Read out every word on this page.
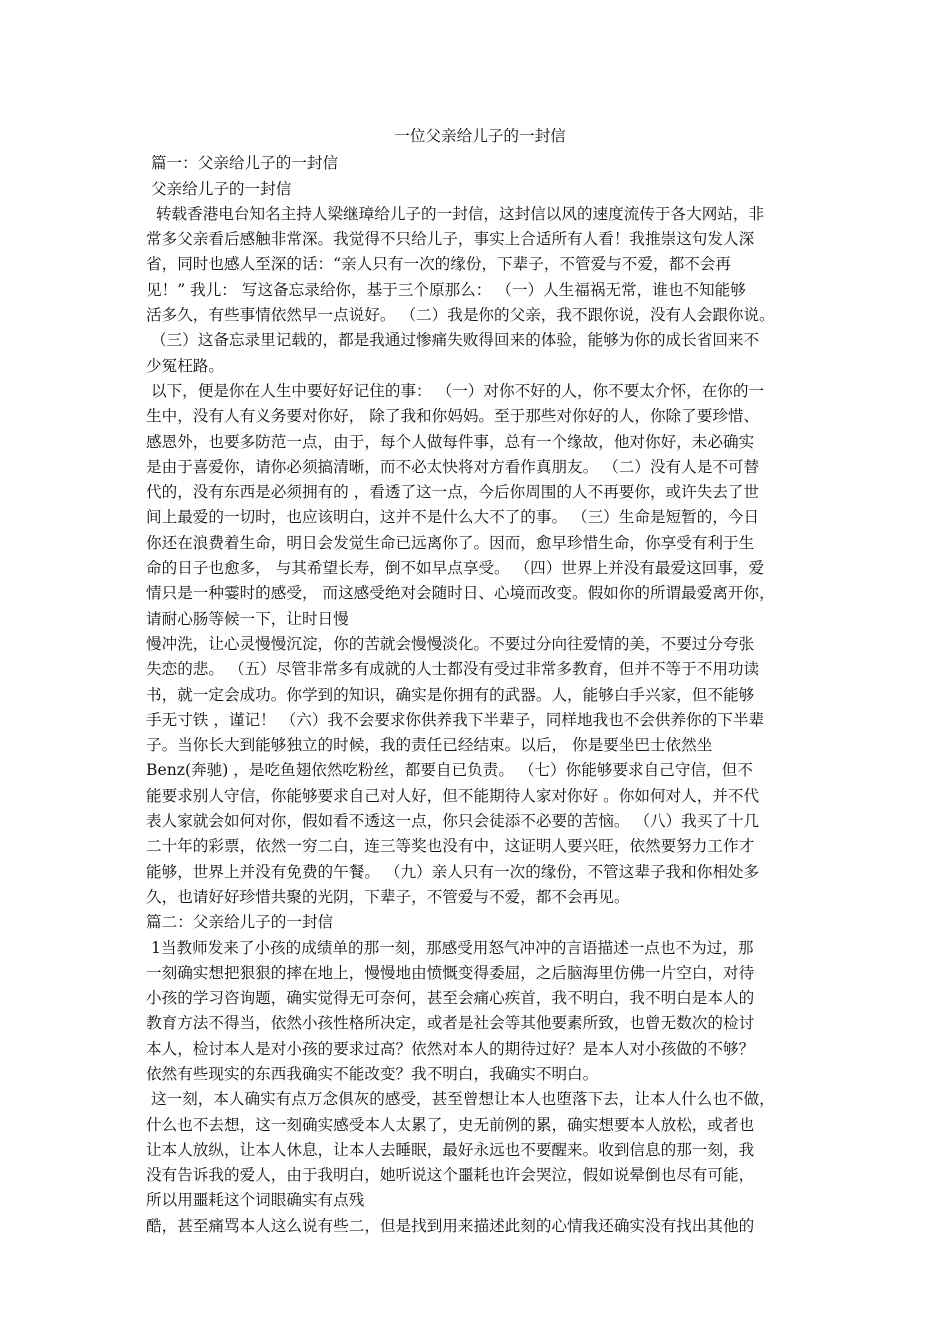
一位父亲给儿子的一封信
篇一：父亲给儿子的一封信
父亲给儿子的一封信
转载香港电台知名主持人梁继璋给儿子的一封信，这封信以风的速度流传于各大网站，非
常多父亲看后感触非常深。我觉得不只给儿子，事实上合适所有人看！我推崇这句发人深
省，同时也感人至深的话：“亲人只有一次的缘份，下辈子，不管爱与不爱，都不会再
见！” 我儿： 写这备忘录给你，基于三个原那么： （一）人生福祸无常，谁也不知能够
活多久，有些事情依然早一点说好。 （二）我是你的父亲，我不跟你说，没有人会跟你说。
（三）这备忘录里记载的，都是我通过惨痛失败得回来的体验，能够为你的成长省回来不
少冤枉路。
以下，便是你在人生中要好好记住的事： （一）对你不好的人，你不要太介怀，在你的一
生中，没有人有义务要对你好， 除了我和你妈妈。至于那些对你好的人，你除了要珍惜、
感恩外，也要多防范一点，由于，每个人做每件事，总有一个缘故，他对你好，未必确实
是由于喜爱你，请你必须搞清晰，而不必太快将对方看作真朋友。 （二）没有人是不可替
代的，没有东西是必须拥有的 ，看透了这一点，今后你周围的人不再要你，或许失去了世
间上最爱的一切时，也应该明白，这并不是什么大不了的事。 （三）生命是短暂的，今日
你还在浪费着生命，明日会发觉生命已远离你了。因而，愈早珍惜生命，你享受有利于生
命的日子也愈多， 与其希望长寿，倒不如早点享受。 （四）世界上并没有最爱这回事，爱
情只是一种霎时的感受， 而这感受绝对会随时日、心境而改变。假如你的所谓最爱离开你，
请耐心肠等候一下，让时日慢
慢冲洗，让心灵慢慢沉淀，你的苦就会慢慢淡化。不要过分向往爱情的美，不要过分夸张
失恋的悲。 （五）尽管非常多有成就的人士都没有受过非常多教育，但并不等于不用功读
书，就一定会成功。你学到的知识，确实是你拥有的武器。人，能够白手兴家，但不能够
手无寸铁 ，谨记！ （六）我不会要求你供养我下半辈子，同样地我也不会供养你的下半辈
子。当你长大到能够独立的时候，我的责任已经结束。以后， 你是要坐巴士依然坐
Benz(奔驰) ，是吃鱼翅依然吃粉丝，都要自已负责。 （七）你能够要求自己守信，但不
能要求别人守信，你能够要求自己对人好，但不能期待人家对你好 。你如何对人，并不代
表人家就会如何对你，假如看不透这一点，你只会徒添不必要的苦恼。 （八）我买了十几
二十年的彩票，依然一穷二白，连三等奖也没有中，这证明人要兴旺，依然要努力工作才
能够，世界上并没有免费的午餐。 （九）亲人只有一次的缘份，不管这辈子我和你相处多
久，也请好好珍惜共聚的光阴，下辈子，不管爱与不爱，都不会再见。
篇二：父亲给儿子的一封信
1当教师发来了小孩的成绩单的那一刻，那感受用怒气冲冲的言语描述一点也不为过，那
一刻确实想把狠狠的摔在地上，慢慢地由愤慨变得委屈，之后脑海里仿佛一片空白，对待
小孩的学习咨询题，确实觉得无可奈何，甚至会痛心疾首，我不明白，我不明白是本人的
教育方法不得当，依然小孩性格所决定，或者是社会等其他要素所致，也曾无数次的检讨
本人，检讨本人是对小孩的要求过高？依然对本人的期待过好？是本人对小孩做的不够？
依然有些现实的东西我确实不能改变？我不明白，我确实不明白。
这一刻，本人确实有点万念俱灰的感受，甚至曾想让本人也堕落下去，让本人什么也不做，
什么也不去想，这一刻确实感受本人太累了，史无前例的累，确实想要本人放松，或者也
让本人放纵，让本人休息，让本人去睡眠，最好永远也不要醒来。收到信息的那一刻，我
没有告诉我的爱人，由于我明白，她听说这个噩耗也许会哭泣，假如说晕倒也尽有可能，
所以用噩耗这个词眼确实有点残
酷，甚至痛骂本人这么说有些二，但是找到用来描述此刻的心情我还确实没有找出其他的
